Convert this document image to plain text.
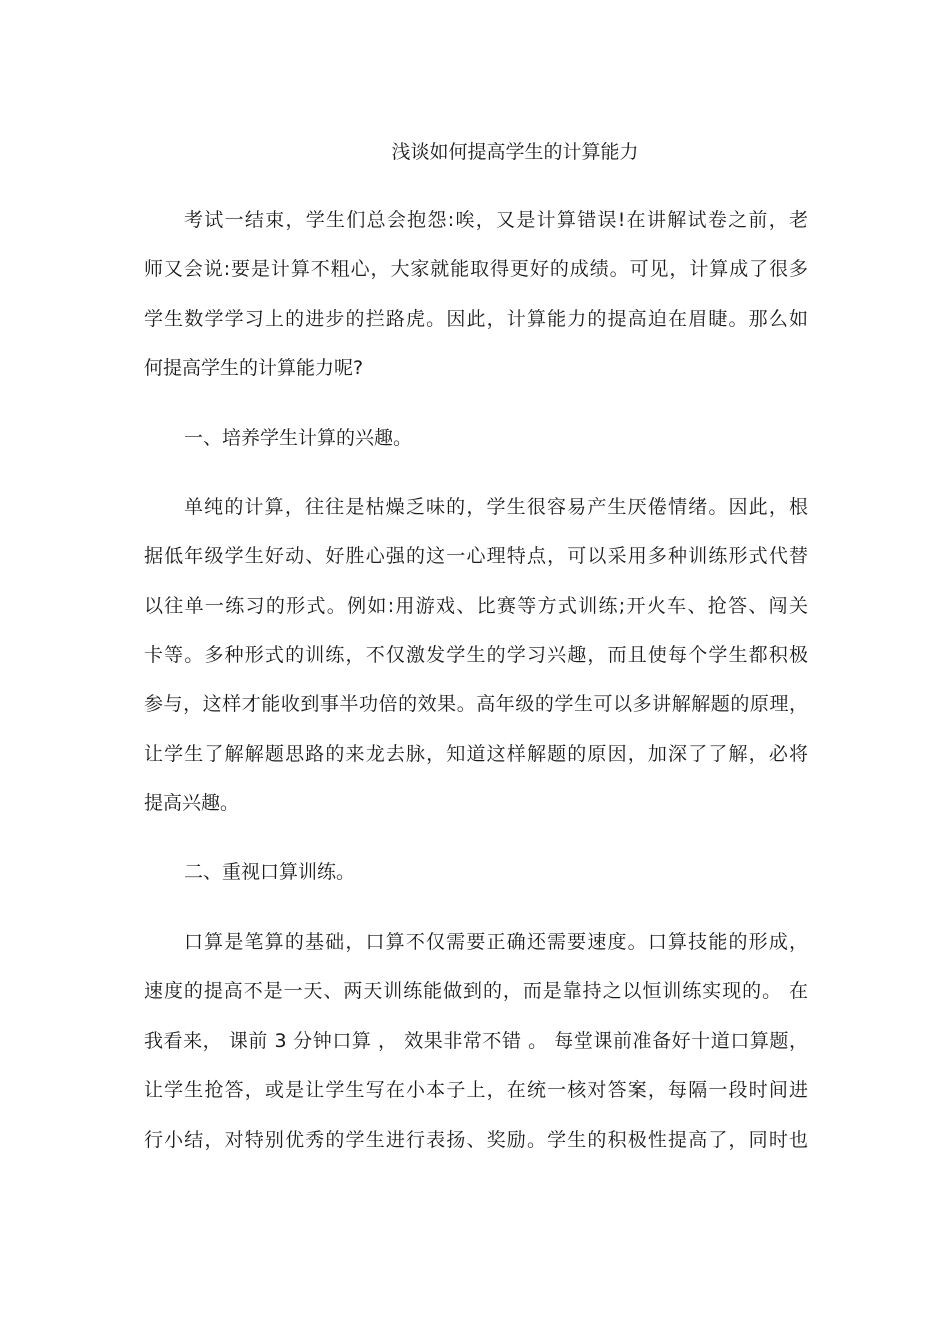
浅谈如何提高学生的计算能力
考试一结束，学生们总会抱怨:唉，又是计算错误!在讲解试卷之前，老
师又会说:要是计算不粗心，大家就能取得更好的成绩。可见，计算成了很多
学生数学学习上的进步的拦路虎。因此，计算能力的提高迫在眉睫。那么如
何提高学生的计算能力呢?
一、培养学生计算的兴趣。
单纯的计算，往往是枯燥乏味的，学生很容易产生厌倦情绪。因此，根
据低年级学生好动、好胜心强的这一心理特点，可以采用多种训练形式代替
以往单一练习的形式。例如:用游戏、比赛等方式训练;开火车、抢答、闯关
卡等。多种形式的训练，不仅激发学生的学习兴趣，而且使每个学生都积极
参与，这样才能收到事半功倍的效果。高年级的学生可以多讲解解题的原理，
让学生了解解题思路的来龙去脉，知道这样解题的原因，加深了了解，必将
提高兴趣。
二、重视口算训练。
口算是笔算的基础，口算不仅需要正确还需要速度。口算技能的形成，
速度的提高不是一天、两天训练能做到的，而是靠持之以恒训练实现的。 在
我看来， 课前 3 分钟口算 ， 效果非常不错 。 每堂课前准备好十道口算题，
让学生抢答，或是让学生写在小本子上，在统一核对答案，每隔一段时间进
行小结，对特别优秀的学生进行表扬、奖励。学生的积极性提高了，同时也
